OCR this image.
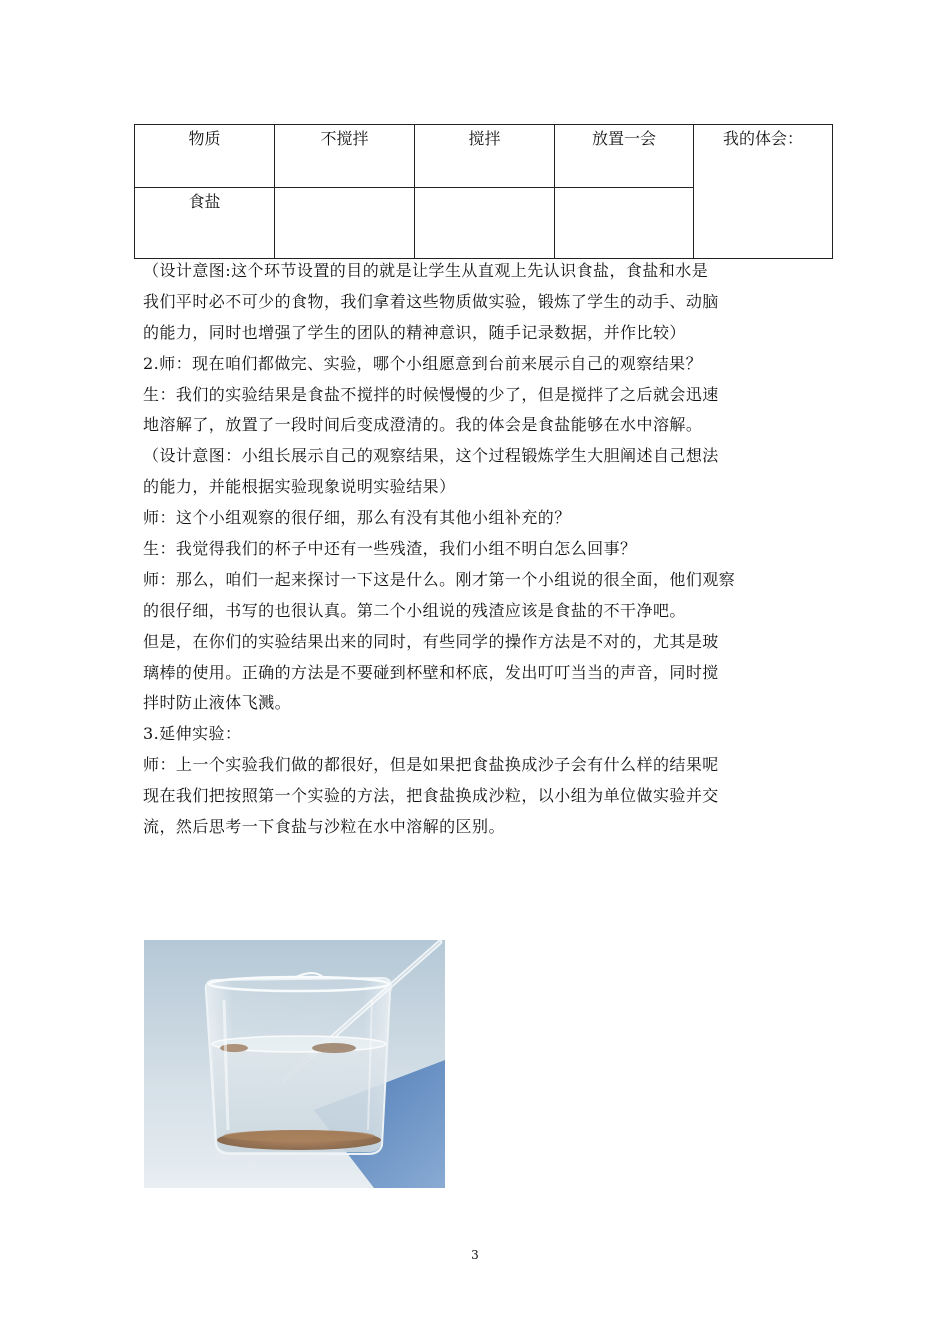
物质	不搅拌	搅拌	放置一会	我的体会：
食盐				
（设计意图:这个环节设置的目的就是让学生从直观上先认识食盐，食盐和水是
我们平时必不可少的食物，我们拿着这些物质做实验，锻炼了学生的动手、动脑
的能力，同时也增强了学生的团队的精神意识，随手记录数据，并作比较）
2.师：现在咱们都做完、实验，哪个小组愿意到台前来展示自己的观察结果？
生：我们的实验结果是食盐不搅拌的时候慢慢的少了，但是搅拌了之后就会迅速
地溶解了，放置了一段时间后变成澄清的。我的体会是食盐能够在水中溶解。
（设计意图：小组长展示自己的观察结果，这个过程锻炼学生大胆阐述自己想法
的能力，并能根据实验现象说明实验结果）
师：这个小组观察的很仔细，那么有没有其他小组补充的？
生：我觉得我们的杯子中还有一些残渣，我们小组不明白怎么回事？
师：那么，咱们一起来探讨一下这是什么。刚才第一个小组说的很全面，他们观察
的很仔细，书写的也很认真。第二个小组说的残渣应该是食盐的不干净吧。
但是，在你们的实验结果出来的同时，有些同学的操作方法是不对的，尤其是玻
璃棒的使用。正确的方法是不要碰到杯壁和杯底，发出叮叮当当的声音，同时搅
拌时防止液体飞溅。
3.延伸实验：
师：上一个实验我们做的都很好，但是如果把食盐换成沙子会有什么样的结果呢
现在我们把按照第一个实验的方法，把食盐换成沙粒，以小组为单位做实验并交
流，然后思考一下食盐与沙粒在水中溶解的区别。
3
